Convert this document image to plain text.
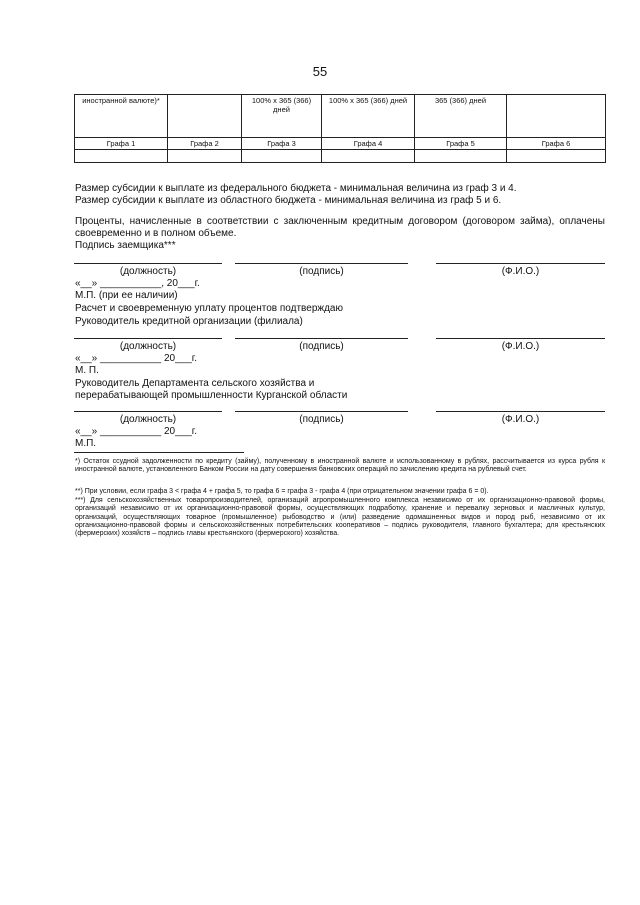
55
иностранной валюте)*		100% x 365 (366) дней	100% x 365 (366) дней	365 (366) дней	
Графа 1	Графа 2	Графа 3	Графа 4	Графа 5	Графа 6

Размер субсидии к выплате из федерального бюджета - минимальная величина из граф 3 и 4.
Размер субсидии к выплате из областного бюджета - минимальная величина из граф 5 и 6.
Проценты, начисленные в соответствии с заключенным кредитным договором (договором займа), оплачены своевременно и в полном объеме.
Подпись заемщика***
(должность)	(подпись)	(Ф.И.О.)
«__» ___________, 20___г.
М.П. (при ее наличии)
Расчет и своевременную уплату процентов подтверждаю
Руководитель кредитной организации (филиала)
(должность)	(подпись)	(Ф.И.О.)
«__» ___________ 20___г.
М. П.
Руководитель Департамента сельского хозяйства и
перерабатывающей промышленности Курганской области
(должность)	(подпись)	(Ф.И.О.)
«__» ___________ 20___г.
М.П.
*) Остаток ссудной задолженности по кредиту (займу), полученному в иностранной валюте и использованному в рублях, рассчитывается из курса рубля к иностранной валюте, установленного Банком России на дату совершения банковских операций по зачислению кредита на рублевый счет.
**) При условии, если графа 3 < графа 4 + графа 5, то графа 6 = графа 3 - графа 4 (при отрицательном значении графа 6 = 0).
***) Для сельскохозяйственных товаропроизводителей, организаций агропромышленного комплекса независимо от их организационно-правовой формы, организаций независимо от их организационно-правовой формы, осуществляющих подработку, хранение и перевалку зерновых и масличных культур, организаций, осуществляющих товарное (промышленное) рыбоводство и (или) разведение одомашненных видов и пород рыб, независимо от их организационно-правовой формы и сельскохозяйственных потребительских кооперативов – подпись руководителя, главного бухгалтера; для крестьянских (фермерских) хозяйств – подпись главы крестьянского (фермерского) хозяйства.
